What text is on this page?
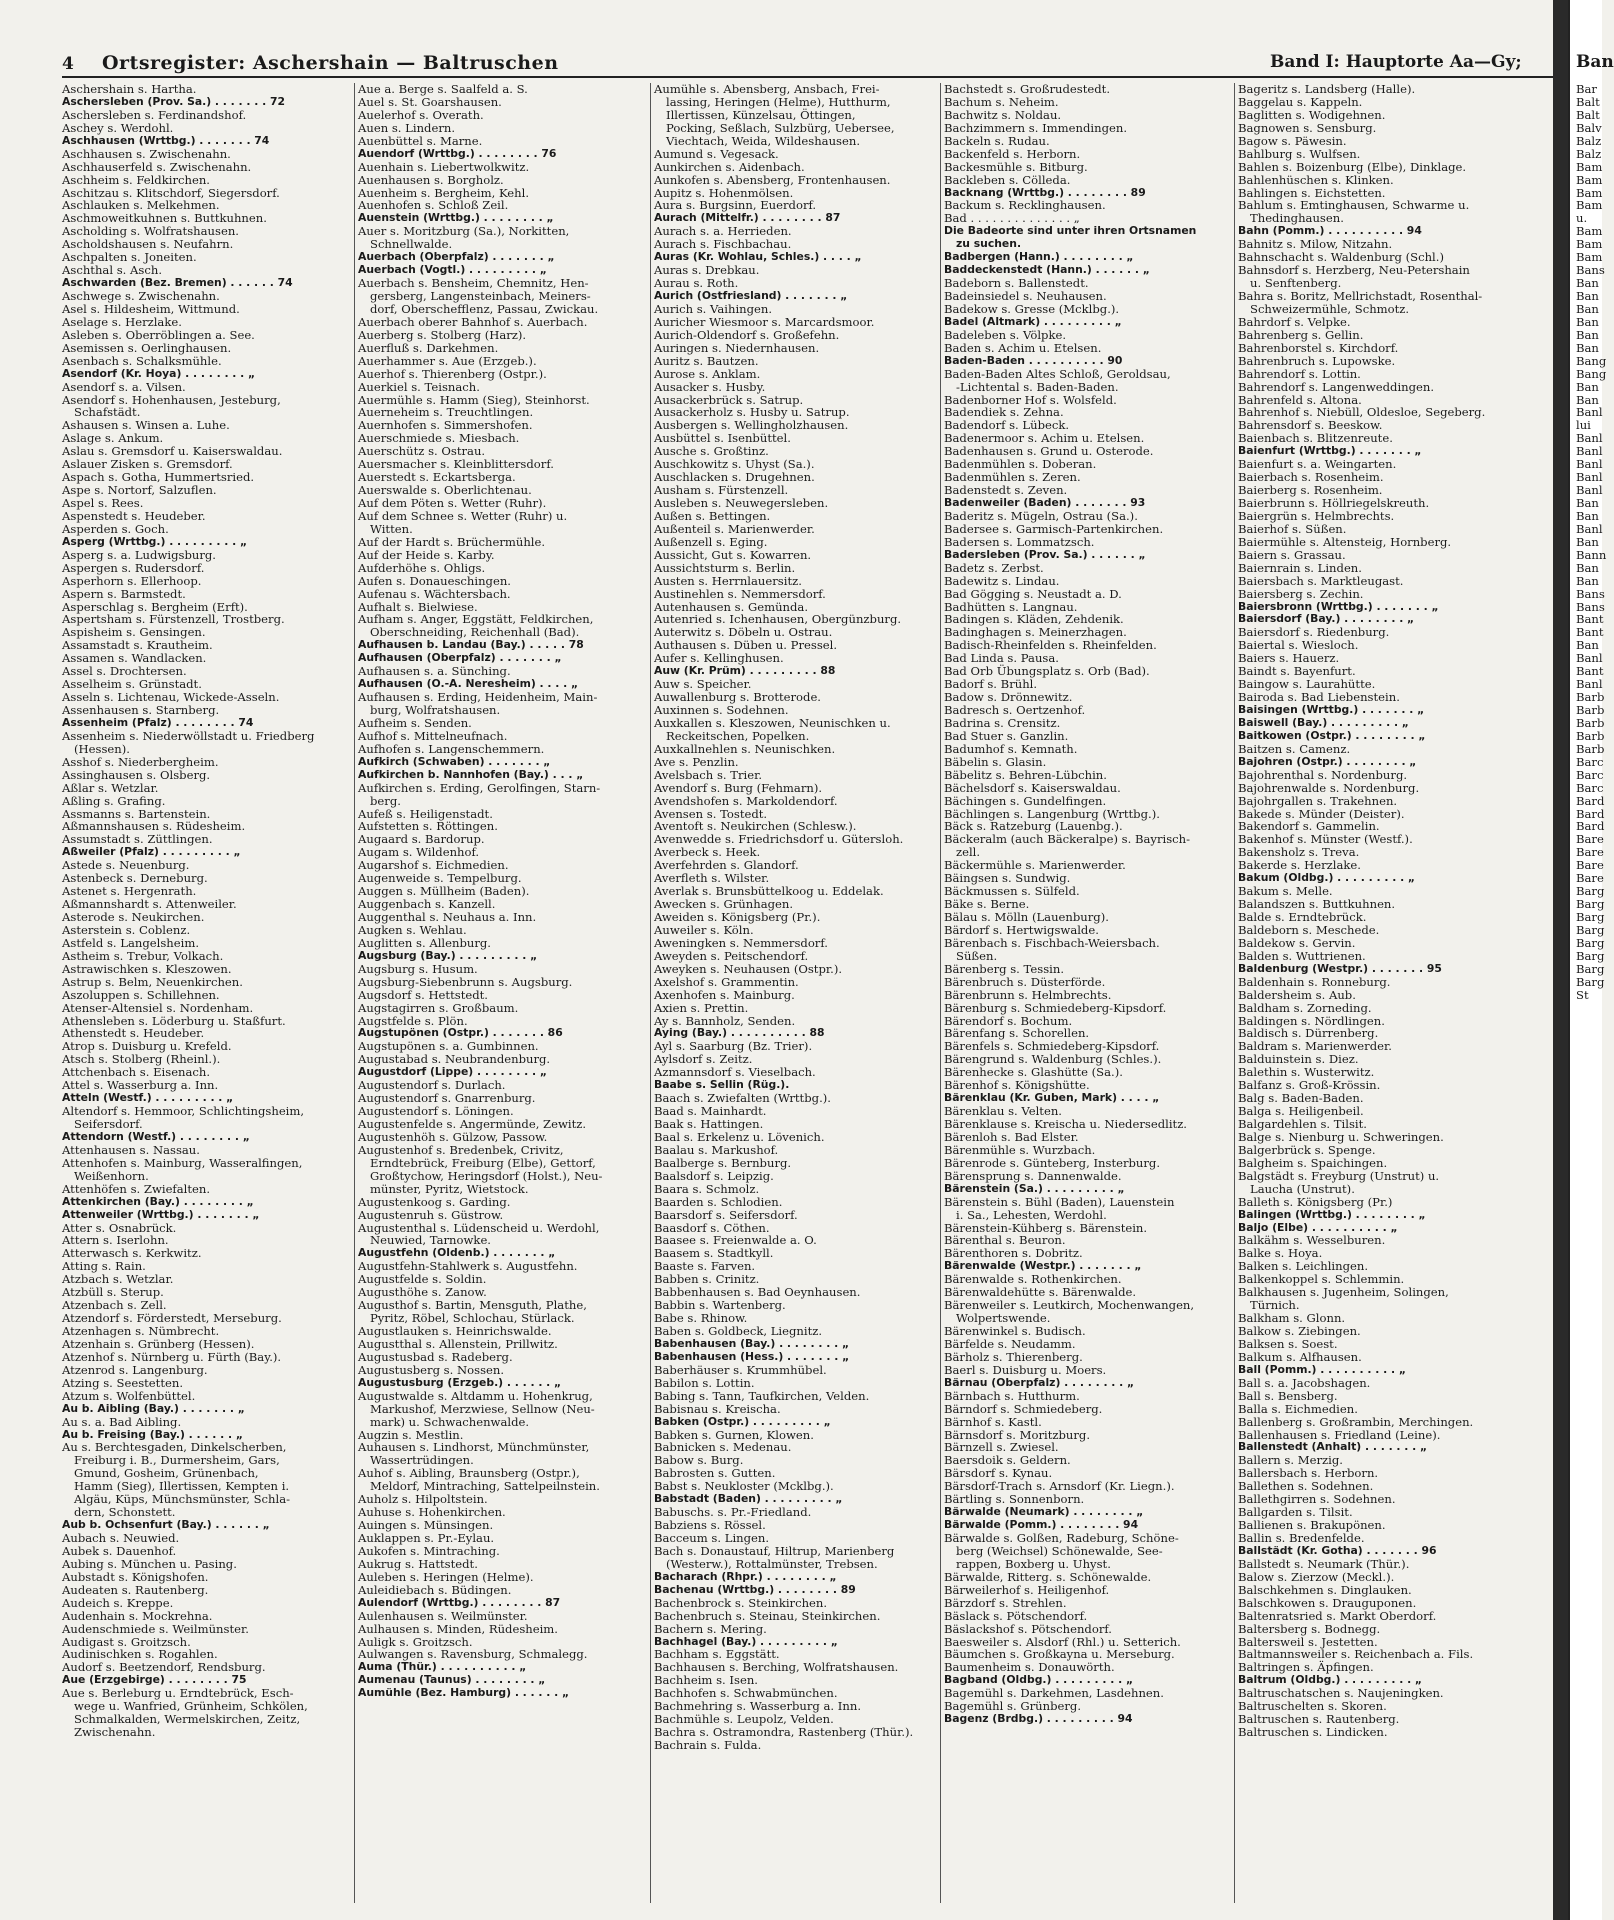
4 Ortsregister: Aschershain — Baltruschen	Band I: Hauptorte Aa—Gy;
Aschershain s. Hartha.
Aschersleben (Prov. Sa.) . . . . . . . 72
Aschersleben s. Ferdinandshof.
Aschey s. Werdohl.
Aschhausen (Wrttbg.) . . . . . . . 74
Aschhausen s. Zwischenahn.
Aschhauserfeld s. Zwischenahn.
Aschheim s. Feldkirchen.
Aschitzau s. Klitschdorf, Siegersdorf.
Aschlauken s. Melkehmen.
Aschmoweitkuhnen s. Buttkuhnen.
Ascholding s. Wolfratshausen.
Ascholdshausen s. Neufahrn.
Aschpalten s. Joneiten.
Aschthal s. Asch.
Aschwarden (Bez. Bremen) . . . . . . 74
Aschwege s. Zwischenahn.
Asel s. Hildesheim, Wittmund.
Aselage s. Herzlake.
Asleben s. Oberröblingen a. See.
Asemissen s. Oerlinghausen.
Asenbach s. Schalksmühle.
Asendorf (Kr. Hoya) . . . . . . . . „
Asendorf s. a. Vilsen.
Asendorf s. Hohenhausen, Jesteburg,
Schafstädt.
Ashausen s. Winsen a. Luhe.
Aslage s. Ankum.
Aslau s. Gremsdorf u. Kaiserswaldau.
Aslauer Zisken s. Gremsdorf.
Aspach s. Gotha, Hummertsried.
Aspe s. Nortorf, Salzuflen.
Aspel s. Rees.
Aspenstedt s. Heudeber.
Asperden s. Goch.
Asperg (Wrttbg.) . . . . . . . . . „
Asperg s. a. Ludwigsburg.
Aspergen s. Rudersdorf.
Asperhorn s. Ellerhoop.
Aspern s. Barmstedt.
Asperschlag s. Bergheim (Erft).
Aspertsham s. Fürstenzell, Trostberg.
Aspisheim s. Gensingen.
Assamstadt s. Krautheim.
Assamen s. Wandlacken.
Assel s. Drochtersen.
Asselheim s. Grünstadt.
Asseln s. Lichtenau, Wickede-Asseln.
Assenhausen s. Starnberg.
Assenheim (Pfalz) . . . . . . . . 74
Assenheim s. Niederwöllstadt u. Friedberg
(Hessen).
Asshof s. Niederbergheim.
Assinghausen s. Olsberg.
Aßlar s. Wetzlar.
Aßling s. Grafing.
Assmanns s. Bartenstein.
Aßmannshausen s. Rüdesheim.
Assumstadt s. Züttlingen.
Aßweiler (Pfalz) . . . . . . . . . „
Astede s. Neuenburg.
Astenbeck s. Derneburg.
Astenet s. Hergenrath.
Aßmannshardt s. Attenweiler.
Asterode s. Neukirchen.
Asterstein s. Coblenz.
Astfeld s. Langelsheim.
Astheim s. Trebur, Volkach.
Astrawischken s. Kleszowen.
Astrup s. Belm, Neuenkirchen.
Aszoluppen s. Schillehnen.
Atenser-Altensiel s. Nordenham.
Athensleben s. Löderburg u. Staßfurt.
Athenstedt s. Heudeber.
Atrop s. Duisburg u. Krefeld.
Atsch s. Stolberg (Rheinl.).
Attchenbach s. Eisenach.
Attel s. Wasserburg a. Inn.
Atteln (Westf.) . . . . . . . . . „
Altendorf s. Hemmoor, Schlichtingsheim,
Seifersdorf.
Attendorn (Westf.) . . . . . . . . „
Attenhausen s. Nassau.
Attenhofen s. Mainburg, Wasseralfingen,
Weißenhorn.
Attenhöfen s. Zwiefalten.
Attenkirchen (Bay.) . . . . . . . . „
Attenweiler (Wrttbg.) . . . . . . . „
Atter s. Osnabrück.
Attern s. Iserlohn.
Atterwasch s. Kerkwitz.
Atting s. Rain.
Atzbach s. Wetzlar.
Atzbüll s. Sterup.
Atzenbach s. Zell.
Atzendorf s. Förderstedt, Merseburg.
Atzenhagen s. Nümbrecht.
Atzenhain s. Grünberg (Hessen).
Atzenhof s. Nürnberg u. Fürth (Bay.).
Atzenrod s. Langenburg.
Atzing s. Seestetten.
Atzum s. Wolfenbüttel.
Au b. Aibling (Bay.) . . . . . . . „
Au s. a. Bad Aibling.
Au b. Freising (Bay.) . . . . . . „
Au s. Berchtesgaden, Dinkelscherben,
Freiburg i. B., Durmersheim, Gars,
Gmund, Gosheim, Grünenbach,
Hamm (Sieg), Illertissen, Kempten i.
Algäu, Küps, Münchsmünster, Schla-
dern, Schonstett.
Aub b. Ochsenfurt (Bay.) . . . . . . „
Aubach s. Neuwied.
Aubek s. Dauenhof.
Aubing s. München u. Pasing.
Aubstadt s. Königshofen.
Audeaten s. Rautenberg.
Audeich s. Kreppe.
Audenhain s. Mockrehna.
Audenschmiede s. Weilmünster.
Audigast s. Groitzsch.
Audinischken s. Rogahlen.
Audorf s. Beetzendorf, Rendsburg.
Aue (Erzgebirge) . . . . . . . . 75
Aue s. Berleburg u. Erndtebrück, Esch-
wege u. Wanfried, Grünheim, Schkölen,
Schmalkalden, Wermelskirchen, Zeitz,
Zwischenahn.
Aue a. Berge s. Saalfeld a. S.
Auel s. St. Goarshausen.
Auelerhof s. Overath.
Auen s. Lindern.
Auenbüttel s. Marne.
Auendorf (Wrttbg.) . . . . . . . . 76
Auenhain s. Liebertwolkwitz.
Auenhausen s. Borgholz.
Auenheim s. Bergheim, Kehl.
Auenhofen s. Schloß Zeil.
Auenstein (Wrttbg.) . . . . . . . . „
Auer s. Moritzburg (Sa.), Norkitten,
Schnellwalde.
Auerbach (Oberpfalz) . . . . . . . „
Auerbach (Vogtl.) . . . . . . . . . „
Auerbach s. Bensheim, Chemnitz, Hen-
gersberg, Langensteinbach, Meiners-
dorf, Oberschefflenz, Passau, Zwickau.
Auerbach oberer Bahnhof s. Auerbach.
Auerberg s. Stolberg (Harz).
Auerfluß s. Darkehmen.
Auerhammer s. Aue (Erzgeb.).
Auerhof s. Thierenberg (Ostpr.).
Auerkiel s. Teisnach.
Auermühle s. Hamm (Sieg), Steinhorst.
Auerneheim s. Treuchtlingen.
Auernhofen s. Simmershofen.
Auerschmiede s. Miesbach.
Auerschütz s. Ostrau.
Auersmacher s. Kleinblittersdorf.
Auerstedt s. Eckartsberga.
Auerswalde s. Oberlichtenau.
Auf dem Pöten s. Wetter (Ruhr).
Auf dem Schnee s. Wetter (Ruhr) u.
Witten.
Auf der Hardt s. Brüchermühle.
Auf der Heide s. Karby.
Aufderhöhe s. Ohligs.
Aufen s. Donaueschingen.
Aufenau s. Wächtersbach.
Aufhalt s. Bielwiese.
Aufham s. Anger, Eggstätt, Feldkirchen,
Oberschneiding, Reichenhall (Bad).
Aufhausen b. Landau (Bay.) . . . . . 78
Aufhausen (Oberpfalz) . . . . . . . „
Aufhausen s. a. Sünching.
Aufhausen (O.-A. Neresheim) . . . . „
Aufhausen s. Erding, Heidenheim, Main-
burg, Wolfratshausen.
Aufheim s. Senden.
Aufhof s. Mittelneufnach.
Aufhofen s. Langenschemmern.
Aufkirch (Schwaben) . . . . . . . „
Aufkirchen b. Nannhofen (Bay.) . . . „
Aufkirchen s. Erding, Gerolfingen, Starn-
berg.
Aufeß s. Heiligenstadt.
Aufstetten s. Röttingen.
Augaard s. Bardorup.
Augam s. Wildenhof.
Augarshof s. Eichmedien.
Augenweide s. Tempelburg.
Auggen s. Müllheim (Baden).
Auggenbach s. Kanzell.
Auggenthal s. Neuhaus a. Inn.
Augken s. Wehlau.
Auglitten s. Allenburg.
Augsburg (Bay.) . . . . . . . . . „
Augsburg s. Husum.
Augsburg-Siebenbrunn s. Augsburg.
Augsdorf s. Hettstedt.
Augstagirren s. Großbaum.
Augstfelde s. Plön.
Augstupönen (Ostpr.) . . . . . . . 86
Augstupönen s. a. Gumbinnen.
Augustabad s. Neubrandenburg.
Augustdorf (Lippe) . . . . . . . . „
Augustendorf s. Durlach.
Augustendorf s. Gnarrenburg.
Augustendorf s. Löningen.
Augustenfelde s. Angermünde, Zewitz.
Augustenhöh s. Gülzow, Passow.
Augustenhof s. Bredenbek, Crivitz,
Erndtebrück, Freiburg (Elbe), Gettorf,
Großtychow, Heringsdorf (Holst.), Neu-
münster, Pyritz, Wietstock.
Augustenkoog s. Garding.
Augustenruh s. Güstrow.
Augustenthal s. Lüdenscheid u. Werdohl,
Neuwied, Tarnowke.
Augustfehn (Oldenb.) . . . . . . . „
Augustfehn-Stahlwerk s. Augustfehn.
Augustfelde s. Soldin.
Augusthöhe s. Zanow.
Augusthof s. Bartin, Mensguth, Plathe,
Pyritz, Röbel, Schlochau, Stürlack.
Augustlauken s. Heinrichswalde.
Augustthal s. Allenstein, Prillwitz.
Augustusbad s. Radeberg.
Augustusberg s. Nossen.
Augustusburg (Erzgeb.) . . . . . . „
Augustwalde s. Altdamm u. Hohenkrug,
Markushof, Merzwiese, Sellnow (Neu-
mark) u. Schwachenwalde.
Augzin s. Mestlin.
Auhausen s. Lindhorst, Münchmünster,
Wassertrüdingen.
Auhof s. Aibling, Braunsberg (Ostpr.),
Meldorf, Mintraching, Sattelpeilnstein.
Auholz s. Hilpoltstein.
Auhuse s. Hohenkirchen.
Auingen s. Münsingen.
Auklappen s. Pr.-Eylau.
Aukofen s. Mintraching.
Aukrug s. Hattstedt.
Auleben s. Heringen (Helme).
Auleidiebach s. Büdingen.
Aulendorf (Wrttbg.) . . . . . . . . 87
Aulenhausen s. Weilmünster.
Aulhausen s. Minden, Rüdesheim.
Auligk s. Groitzsch.
Aulwangen s. Ravensburg, Schmalegg.
Auma (Thür.) . . . . . . . . . . „
Aumenau (Taunus) . . . . . . . . „
Aumühle (Bez. Hamburg) . . . . . . „
Aumühle s. Abensberg, Ansbach, Frei-
lassing, Heringen (Helme), Hutthurm,
Illertissen, Künzelsau, Öttingen,
Pocking, Seßlach, Sulzbürg, Uebersee,
Viechtach, Weida, Wildeshausen.
Aumund s. Vegesack.
Aunkirchen s. Aidenbach.
Aunkofen s. Abensberg, Frontenhausen.
Aupitz s. Hohenmölsen.
Aura s. Burgsinn, Euerdorf.
Aurach (Mittelfr.) . . . . . . . . 87
Aurach s. a. Herrieden.
Aurach s. Fischbachau.
Auras (Kr. Wohlau, Schles.) . . . . „
Auras s. Drebkau.
Aurau s. Roth.
Aurich (Ostfriesland) . . . . . . . „
Aurich s. Vaihingen.
Auricher Wiesmoor s. Marcardsmoor.
Aurich-Oldendorf s. Großefehn.
Auringen s. Niedernhausen.
Auritz s. Bautzen.
Aurose s. Anklam.
Ausacker s. Husby.
Ausackerbrück s. Satrup.
Ausackerholz s. Husby u. Satrup.
Ausbergen s. Wellingholzhausen.
Ausbüttel s. Isenbüttel.
Ausche s. Großtinz.
Auschkowitz s. Uhyst (Sa.).
Auschlacken s. Drugehnen.
Ausham s. Fürstenzell.
Ausleben s. Neuwegersleben.
Außen s. Bettingen.
Außenteil s. Marienwerder.
Außenzell s. Eging.
Aussicht, Gut s. Kowarren.
Aussichtsturm s. Berlin.
Austen s. Herrnlauersitz.
Austinehlen s. Nemmersdorf.
Autenhausen s. Gemünda.
Autenried s. Ichenhausen, Obergünzburg.
Auterwitz s. Döbeln u. Ostrau.
Authausen s. Düben u. Pressel.
Aufer s. Kellinghusen.
Auw (Kr. Prüm) . . . . . . . . . 88
Auw s. Speicher.
Auwallenburg s. Brotterode.
Auxinnen s. Sodehnen.
Auxkallen s. Kleszowen, Neunischken u.
Reckeitschen, Popelken.
Auxkallnehlen s. Neunischken.
Ave s. Penzlin.
Avelsbach s. Trier.
Avendorf s. Burg (Fehmarn).
Avendshofen s. Markoldendorf.
Avensen s. Tostedt.
Aventoft s. Neukirchen (Schlesw.).
Avenwedde s. Friedrichsdorf u. Gütersloh.
Averbeck s. Heek.
Averfehrden s. Glandorf.
Averfleth s. Wilster.
Averlak s. Brunsbüttelkoog u. Eddelak.
Awecken s. Grünhagen.
Aweiden s. Königsberg (Pr.).
Auweiler s. Köln.
Aweningken s. Nemmersdorf.
Aweyden s. Peitschendorf.
Aweyken s. Neuhausen (Ostpr.).
Axelshof s. Grammentin.
Axenhofen s. Mainburg.
Axien s. Prettin.
Ay s. Bannholz, Senden.
Aying (Bay.) . . . . . . . . . . 88
Ayl s. Saarburg (Bz. Trier).
Aylsdorf s. Zeitz.
Azmannsdorf s. Vieselbach.
Baabe s. Sellin (Rüg.).
Baach s. Zwiefalten (Wrttbg.).
Baad s. Mainhardt.
Baak s. Hattingen.
Baal s. Erkelenz u. Lövenich.
Baalau s. Markushof.
Baalberge s. Bernburg.
Baalsdorf s. Leipzig.
Baara s. Schmolz.
Baarden s. Schlodien.
Baarsdorf s. Seifersdorf.
Baasdorf s. Cöthen.
Baasee s. Freienwalde a. O.
Baasem s. Stadtkyll.
Baaste s. Farven.
Babben s. Crinitz.
Babbenhausen s. Bad Oeynhausen.
Babbin s. Wartenberg.
Babe s. Rhinow.
Baben s. Goldbeck, Liegnitz.
Babenhausen (Bay.) . . . . . . . . „
Babenhausen (Hess.) . . . . . . . „
Baberhäuser s. Krummhübel.
Babilon s. Lottin.
Babing s. Tann, Taufkirchen, Velden.
Babisnau s. Kreischa.
Babken (Ostpr.) . . . . . . . . . „
Babken s. Gurnen, Klowen.
Babnicken s. Medenau.
Babow s. Burg.
Babrosten s. Gutten.
Babst s. Neukloster (Mcklbg.).
Babstadt (Baden) . . . . . . . . . „
Babuschs. s. Pr.-Friedland.
Babziens s. Rössel.
Bacceum s. Lingen.
Bach s. Donaustauf, Hiltrup, Marienberg
(Westerw.), Rottalmünster, Trebsen.
Bacharach (Rhpr.) . . . . . . . . „
Bachenau (Wrttbg.) . . . . . . . . 89
Bachenbrock s. Steinkirchen.
Bachenbruch s. Steinau, Steinkirchen.
Bachern s. Mering.
Bachhagel (Bay.) . . . . . . . . . „
Bachham s. Eggstätt.
Bachhausen s. Berching, Wolfratshausen.
Bachheim s. Isen.
Bachhofen s. Schwabmünchen.
Bachmehring s. Wasserburg a. Inn.
Bachmühle s. Leupolz, Velden.
Bachra s. Ostramondra, Rastenberg (Thür.).
Bachrain s. Fulda.
Bachstedt s. Großrudestedt.
Bachum s. Neheim.
Bachwitz s. Noldau.
Bachzimmern s. Immendingen.
Backeln s. Rudau.
Backenfeld s. Herborn.
Backesmühle s. Bitburg.
Backleben s. Cölleda.
Backnang (Wrttbg.) . . . . . . . . 89
Backum s. Recklinghausen.
Bad . . . . . . . . . . . . . . „
Die Badeorte sind unter ihren Ortsnamen
zu suchen.
Badbergen (Hann.) . . . . . . . . „
Baddeckenstedt (Hann.) . . . . . . „
Badeborn s. Ballenstedt.
Badeinsiedel s. Neuhausen.
Badekow s. Gresse (Mcklbg.).
Badel (Altmark) . . . . . . . . . „
Badeleben s. Völpke.
Baden s. Achim u. Etelsen.
Baden-Baden . . . . . . . . . . 90
Baden-Baden Altes Schloß, Geroldsau,
-Lichtental s. Baden-Baden.
Badenborner Hof s. Wolsfeld.
Badendiek s. Zehna.
Badendorf s. Lübeck.
Badenermoor s. Achim u. Etelsen.
Badenhausen s. Grund u. Osterode.
Badenmühlen s. Doberan.
Badenmühlen s. Zeren.
Badenstedt s. Zeven.
Badenweiler (Baden) . . . . . . . 93
Baderitz s. Mügeln, Ostrau (Sa.).
Badersee s. Garmisch-Partenkirchen.
Badersen s. Lommatzsch.
Badersleben (Prov. Sa.) . . . . . . „
Badetz s. Zerbst.
Badewitz s. Lindau.
Bad Gögging s. Neustadt a. D.
Badhütten s. Langnau.
Badingen s. Kläden, Zehdenik.
Badinghagen s. Meinerzhagen.
Badisch-Rheinfelden s. Rheinfelden.
Bad Linda s. Pausa.
Bad Orb Übungsplatz s. Orb (Bad).
Badorf s. Brühl.
Badow s. Drönnewitz.
Badresch s. Oertzenhof.
Badrina s. Crensitz.
Bad Stuer s. Ganzlin.
Badumhof s. Kemnath.
Bäbelin s. Glasin.
Bäbelitz s. Behren-Lübchin.
Bächelsdorf s. Kaiserswaldau.
Bächingen s. Gundelfingen.
Bächlingen s. Langenburg (Wrttbg.).
Bäck s. Ratzeburg (Lauenbg.).
Bäckeralm (auch Bäckeralpe) s. Bayrisch-
zell.
Bäckermühle s. Marienwerder.
Bäingsen s. Sundwig.
Bäckmussen s. Sülfeld.
Bäke s. Berne.
Bälau s. Mölln (Lauenburg).
Bärdorf s. Hertwigswalde.
Bärenbach s. Fischbach-Weiersbach.
Süßen.
Bärenberg s. Tessin.
Bärenbruch s. Düsterförde.
Bärenbrunn s. Helmbrechts.
Bärenburg s. Schmiedeberg-Kipsdorf.
Bärendorf s. Bochum.
Bärenfang s. Schorellen.
Bärenfels s. Schmiedeberg-Kipsdorf.
Bärengrund s. Waldenburg (Schles.).
Bärenhecke s. Glashütte (Sa.).
Bärenhof s. Königshütte.
Bärenklau (Kr. Guben, Mark) . . . . „
Bärenklau s. Velten.
Bärenklause s. Kreischa u. Niedersedlitz.
Bärenloh s. Bad Elster.
Bärenmühle s. Wurzbach.
Bärenrode s. Günteberg, Insterburg.
Bärensprung s. Dannenwalde.
Bärenstein (Sa.) . . . . . . . . . „
Bärenstein s. Bühl (Baden), Lauenstein
i. Sa., Lehesten, Werdohl.
Bärenstein-Kühberg s. Bärenstein.
Bärenthal s. Beuron.
Bärenthoren s. Dobritz.
Bärenwalde (Westpr.) . . . . . . . „
Bärenwalde s. Rothenkirchen.
Bärenwaldehütte s. Bärenwalde.
Bärenweiler s. Leutkirch, Mochenwangen,
Wolpertswende.
Bärenwinkel s. Budisch.
Bärfelde s. Neudamm.
Bärholz s. Thierenberg.
Baerl s. Duisburg u. Moers.
Bärnau (Oberpfalz) . . . . . . . . „
Bärnbach s. Hutthurm.
Bärndorf s. Schmiedeberg.
Bärnhof s. Kastl.
Bärnsdorf s. Moritzburg.
Bärnzell s. Zwiesel.
Baersdoik s. Geldern.
Bärsdorf s. Kynau.
Bärsdorf-Trach s. Arnsdorf (Kr. Liegn.).
Bärtling s. Sonnenborn.
Bärwalde (Neumark) . . . . . . . . „
Bärwalde (Pomm.) . . . . . . . . 94
Bärwalde s. Golßen, Radeburg, Schöne-
berg (Weichsel) Schönewalde, See-
rappen, Boxberg u. Uhyst.
Bärwalde, Ritterg. s. Schönewalde.
Bärweilerhof s. Heiligenhof.
Bärzdorf s. Strehlen.
Bäslack s. Pötschendorf.
Bäslackshof s. Pötschendorf.
Baesweiler s. Alsdorf (Rhl.) u. Setterich.
Bäumchen s. Großkayna u. Merseburg.
Baumenheim s. Donauwörth.
Bagband (Oldbg.) . . . . . . . . . „
Bagemühl s. Darkehmen, Lasdehnen.
Bagemühl s. Grünberg.
Bagenz (Brdbg.) . . . . . . . . . 94
Bageritz s. Landsberg (Halle).
Baggelau s. Kappeln.
Baglitten s. Wodigehnen.
Bagnowen s. Sensburg.
Bagow s. Päwesin.
Bahlburg s. Wulfsen.
Bahlen s. Boizenburg (Elbe), Dinklage.
Bahlenhüschen s. Klinken.
Bahlingen s. Eichstetten.
Bahlum s. Emtinghausen, Schwarme u.
Thedinghausen.
Bahn (Pomm.) . . . . . . . . . . 94
Bahnitz s. Milow, Nitzahn.
Bahnschacht s. Waldenburg (Schl.)
Bahnsdorf s. Herzberg, Neu-Petershain
u. Senftenberg.
Bahra s. Boritz, Mellrichstadt, Rosenthal-
Schweizermühle, Schmotz.
Bahrdorf s. Velpke.
Bahrenberg s. Gellin.
Bahrenborstel s. Kirchdorf.
Bahrenbruch s. Lupowske.
Bahrendorf s. Lottin.
Bahrendorf s. Langenweddingen.
Bahrenfeld s. Altona.
Bahrenhof s. Niebüll, Oldesloe, Segeberg.
Bahrensdorf s. Beeskow.
Baienbach s. Blitzenreute.
Baienfurt (Wrttbg.) . . . . . . . „
Baienfurt s. a. Weingarten.
Baierbach s. Rosenheim.
Baierberg s. Rosenheim.
Baierbrunn s. Höllriegelskreuth.
Baiergrün s. Helmbrechts.
Baierhof s. Süßen.
Baiermühle s. Altensteig, Hornberg.
Baiern s. Grassau.
Baiernrain s. Linden.
Baiersbach s. Marktleugast.
Baiersberg s. Zechin.
Baiersbronn (Wrttbg.) . . . . . . . „
Baiersdorf (Bay.) . . . . . . . . „
Baiersdorf s. Riedenburg.
Baiertal s. Wiesloch.
Baiers s. Hauerz.
Baindt s. Bayenfurt.
Baingow s. Laurahütte.
Bairoda s. Bad Liebenstein.
Baisingen (Wrttbg.) . . . . . . . „
Baiswell (Bay.) . . . . . . . . . „
Baitkowen (Ostpr.) . . . . . . . . „
Baitzen s. Camenz.
Bajohren (Ostpr.) . . . . . . . . „
Bajohrenthal s. Nordenburg.
Bajohrenwalde s. Nordenburg.
Bajohrgallen s. Trakehnen.
Bakede s. Münder (Deister).
Bakendorf s. Gammelin.
Bakenhof s. Münster (Westf.).
Bakensholz s. Treva.
Bakerde s. Herzlake.
Bakum (Oldbg.) . . . . . . . . . „
Bakum s. Melle.
Balandszen s. Buttkuhnen.
Balde s. Erndtebrück.
Baldeborn s. Meschede.
Baldekow s. Gervin.
Balden s. Wuttrienen.
Baldenburg (Westpr.) . . . . . . . 95
Baldenhain s. Ronneburg.
Baldersheim s. Aub.
Baldham s. Zorneding.
Baldingen s. Nördlingen.
Baldisch s. Dürrenberg.
Baldram s. Marienwerder.
Balduinstein s. Diez.
Balethin s. Wusterwitz.
Balfanz s. Groß-Krössin.
Balg s. Baden-Baden.
Balga s. Heiligenbeil.
Balgardehlen s. Tilsit.
Balge s. Nienburg u. Schweringen.
Balgerbrück s. Spenge.
Balgheim s. Spaichingen.
Balgstädt s. Freyburg (Unstrut) u.
Laucha (Unstrut).
Balleth s. Königsberg (Pr.)
Balingen (Wrttbg.) . . . . . . . . „
Baljo (Elbe) . . . . . . . . . . „
Balkähm s. Wesselburen.
Balke s. Hoya.
Balken s. Leichlingen.
Balkenkoppel s. Schlemmin.
Balkhausen s. Jugenheim, Solingen,
Türnich.
Balkham s. Glonn.
Balkow s. Ziebingen.
Balksen s. Soest.
Balkum s. Alfhausen.
Ball (Pomm.) . . . . . . . . . . „
Ball s. a. Jacobshagen.
Ball s. Bensberg.
Balla s. Eichmedien.
Ballenberg s. Großrambin, Merchingen.
Ballenhausen s. Friedland (Leine).
Ballenstedt (Anhalt) . . . . . . . „
Ballern s. Merzig.
Ballersbach s. Herborn.
Ballethen s. Sodehnen.
Ballethgirren s. Sodehnen.
Ballgarden s. Tilsit.
Ballienen s. Brakupönen.
Ballin s. Bredenfelde.
Ballstädt (Kr. Gotha) . . . . . . . 96
Ballstedt s. Neumark (Thür.).
Balow s. Zierzow (Meckl.).
Balschkehmen s. Dinglauken.
Balschkowen s. Drauguponen.
Baltenratsried s. Markt Oberdorf.
Baltersberg s. Bodnegg.
Baltersweil s. Jestetten.
Baltmannsweiler s. Reichenbach a. Fils.
Baltringen s. Äpfingen.
Baltrum (Oldbg.) . . . . . . . . . „
Baltruschatschen s. Naujeningken.
Baltruschelten s. Skoren.
Baltruschen s. Rautenberg.
Baltruschen s. Lindicken.
Ban
Bar
Balt
Balt
Balv
Balz
Balz
Bam
Bam
Bam
Bam
u.
Bam
Bam
Bam
Bans
Ban
Ban
Ban
Ban
Ban
Ban
Bang
Bang
Ban
Ban
Banl
lui
Banl
Banl
Banl
Banl
Banl
Ban
Ban
Banl
Ban
Bann
Ban
Ban
Bans
Bans
Bant
Bant
Ban
Banl
Bant
Banl
Barb
Barb
Barb
Barb
Barb
Barc
Barc
Barc
Bard
Bard
Bard
Bare
Bare
Bare
Bare
Barg
Barg
Barg
Barg
Barg
Barg
Barg
Barg
St
